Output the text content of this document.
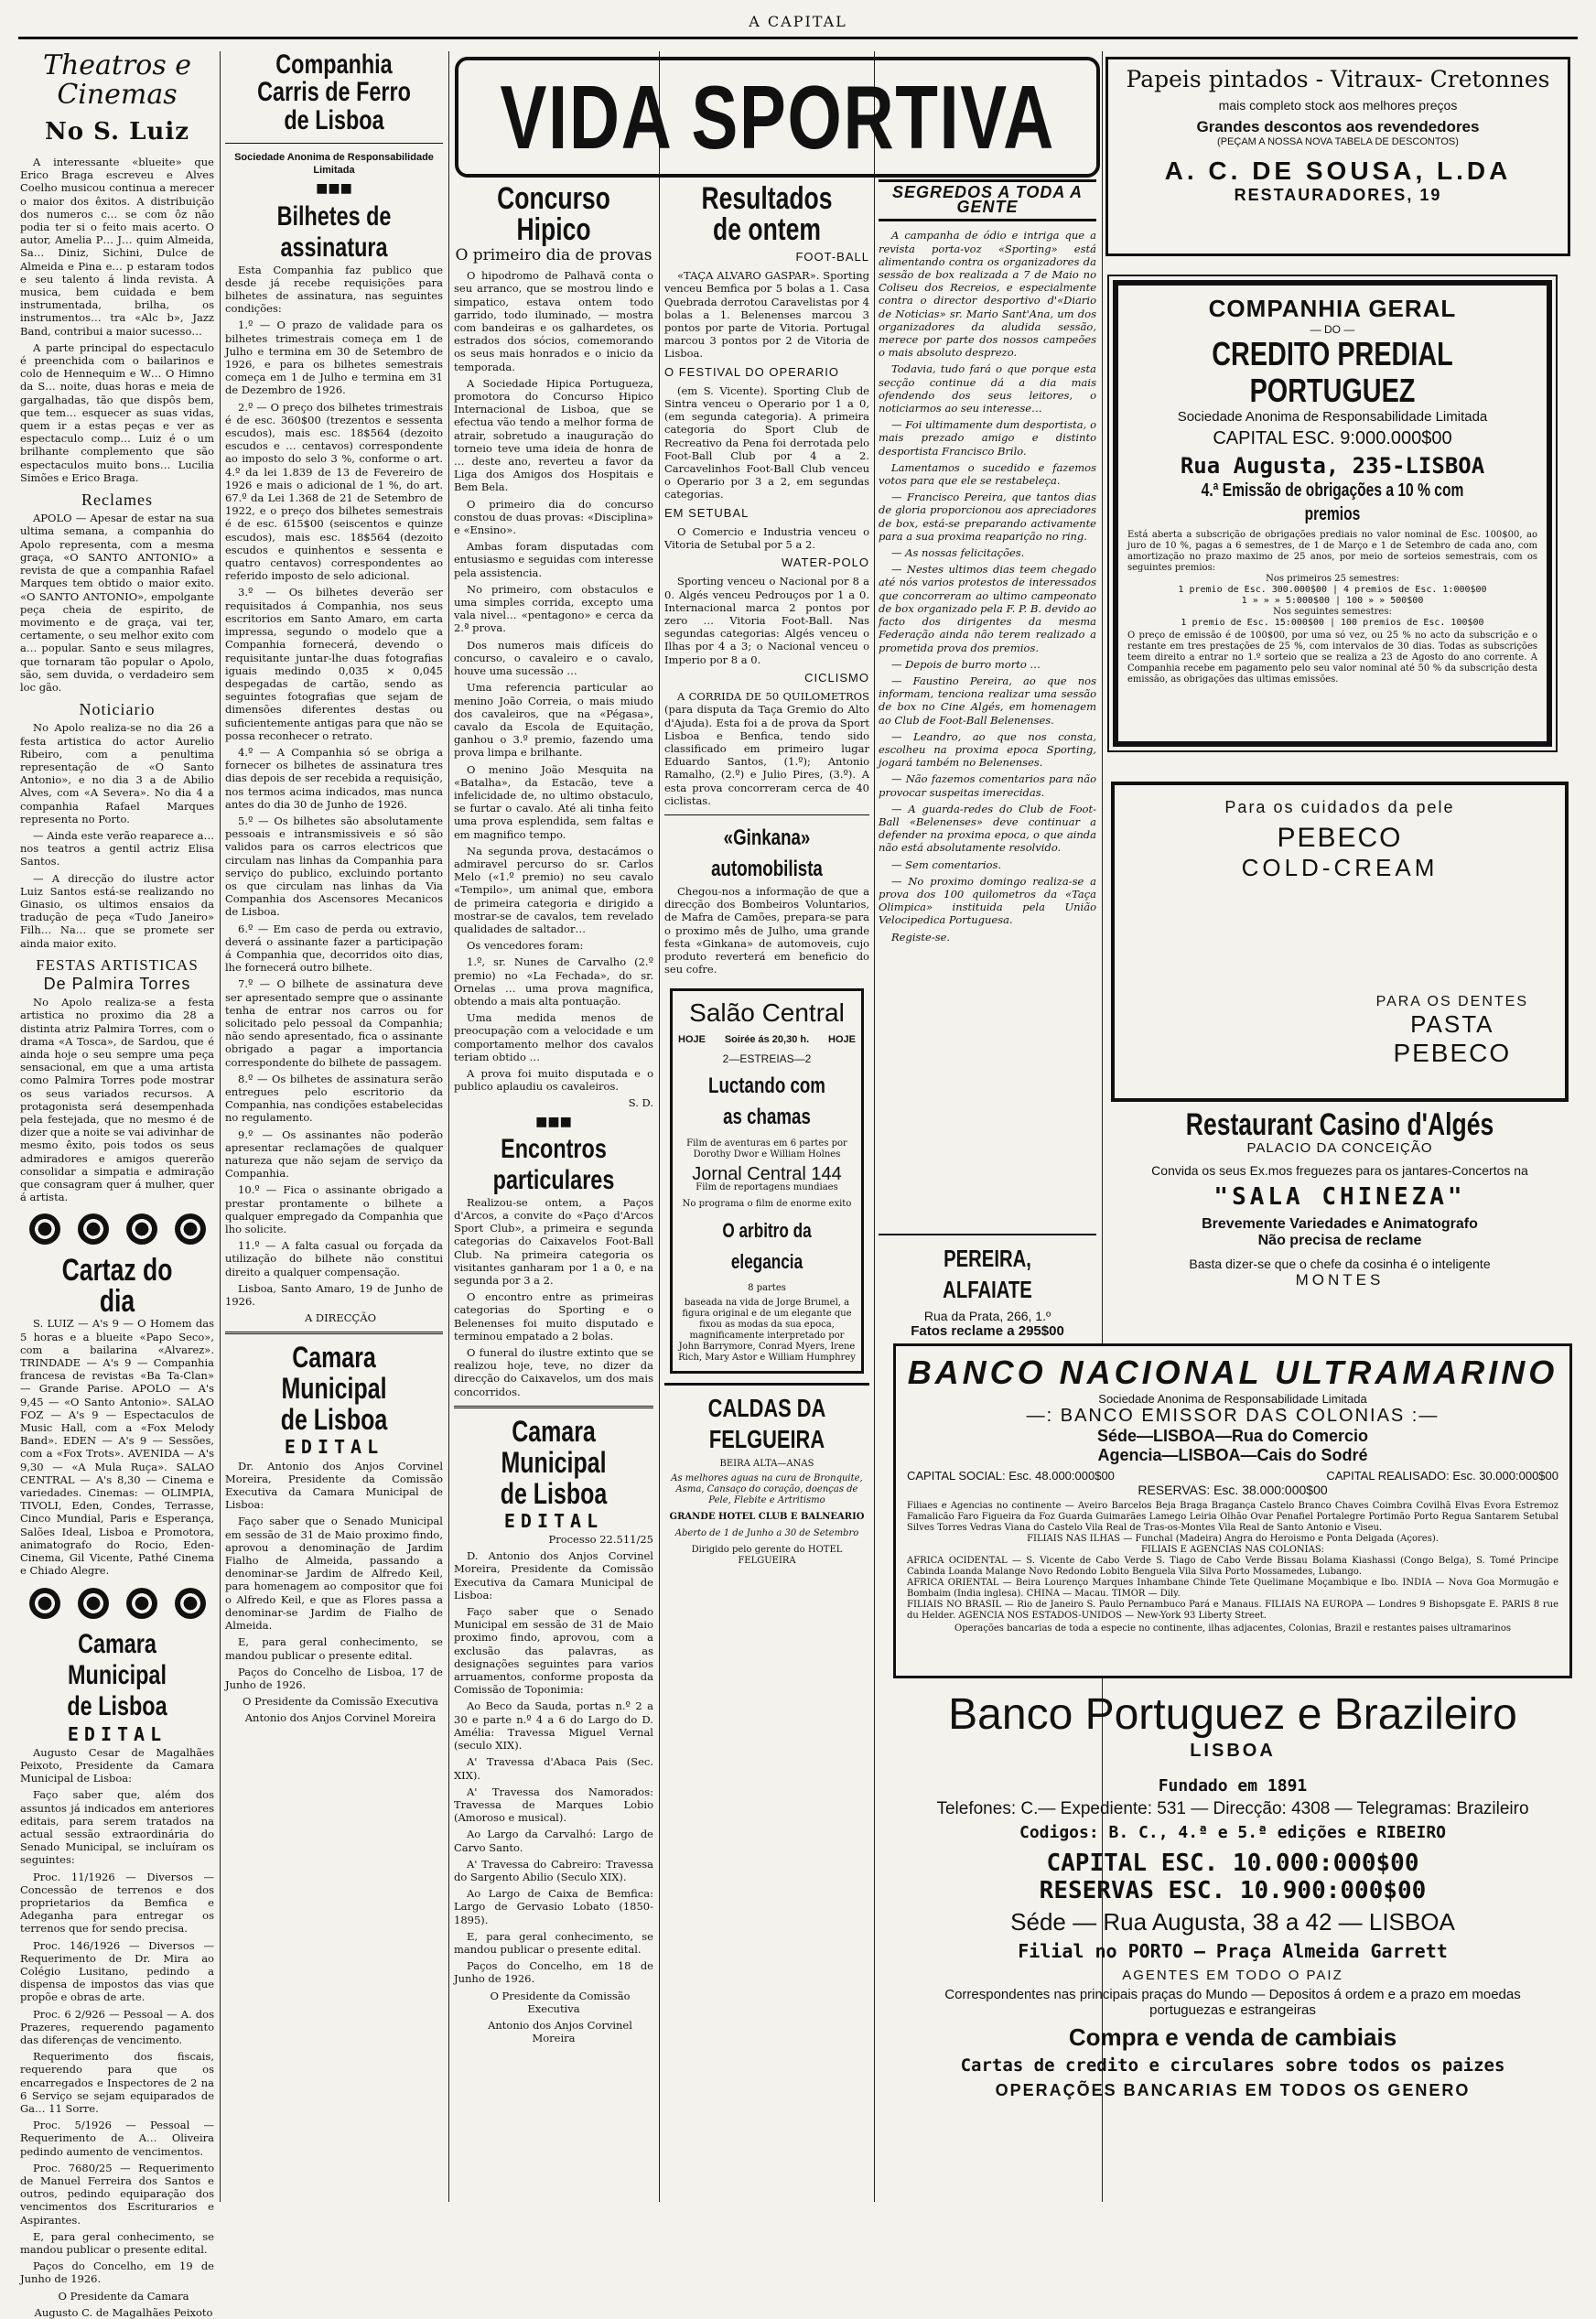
A CAPITAL
Theatros e Cinemas
No S. Luiz

A interessante «blueite» que Erico Braga escreveu e Alves Coelho musicou continua a merecer o maior dos êxitos. A distribuição dos numeros c… se com ôz não podia ter si o feito mais acerto. O autor, Amelia P… J… quim Almeida, Sa… Diniz, Sichini, Dulce de Almeida e Pina e… p estaram todos e seu talento á linda revista. A musica, bem cuidada e bem instrumentada, brilha, os instrumentos… tra «Alc b», Jazz Band, contribui a maior sucesso…

A parte principal do espectaculo é preenchida com o bailarinos e colo de Hennequim e W… O Himno da S… noite, duas horas e meia de gargalhadas, tão que dispôs bem, que tem… esquecer as suas vidas, quem ir a estas peças e ver as espectaculo comp… Luiz é o um brilhante complemento que são espectaculos muito bons… Lucilia Simões e Erico Braga.

Reclames

APOLO — Apesar de estar na sua ultima semana, a companhia do Apolo representa, com a mesma graça, «O SANTO ANTONIO» a revista de que a companhia Rafael Marques tem obtido o maior exito. «O SANTO ANTONIO», empolgante peça cheia de espirito, de movimento e de graça, vai ter, certamente, o seu melhor exito com a… popular. Santo e seus milagres, que tornaram tão popular o Apolo, são, sem duvida, o verdadeiro sem loc gão.

Noticiario

No Apolo realiza-se no dia 26 a festa artistica do actor Aurelio Ribeiro, com a penultima representação de «O Santo Antonio», e no dia 3 a de Abilio Alves, com «A Severa». No dia 4 a companhia Rafael Marques representa no Porto.

— Ainda este verão reaparece a… nos teatros a gentil actriz Elisa Santos.

— A direcção do ilustre actor Luiz Santos está-se realizando no Ginasio, os ultimos ensaios da tradução de peça «Tudo Janeiro» Filh… Na… que se promete ser ainda maior exito.

FESTAS ARTISTICAS
De Palmira Torres

No Apolo realiza-se a festa artistica no proximo dia 28 a distinta atriz Palmira Torres, com o drama «A Tosca», de Sardou, que é ainda hoje o seu sempre uma peça sensacional, em que a uma artista como Palmira Torres pode mostrar os seus variados recursos. A protagonista será desempenhada pela festejada, que no mesmo é de dizer que a noite se vai adivinhar de mesmo êxito, pois todos os seus admiradores e amigos quererão consolidar a simpatia e admiração que consagram quer á mulher, quer á artista.

Cartaz do dia

S. LUIZ — A's 9 — O Homem das 5 horas e a blueite «Papo Seco», com a bailarina «Alvarez». TRINDADE — A's 9 — Companhia francesa de revistas «Ba Ta-Clan» — Grande Parise. APOLO — A's 9,45 — «O Santo Antonio». SALAO FOZ — A's 9 — Espectaculos de Music Hall, com a «Fox Melody Band». EDEN — A's 9 — Sessões, com a «Fox Trots». AVENIDA — A's 9,30 — «A Mula Ruça». SALAO CENTRAL — A's 8,30 — Cinema e variedades. Cinemas: — OLIMPIA, TIVOLI, Eden, Condes, Terrasse, Cinco Mundial, Paris e Esperança, Salões Ideal, Lisboa e Promotora, animatografo do Rocio, Eden-Cinema, Gil Vicente, Pathé Cinema e Chiado Alegre.

Camara Municipal
de Lisboa
EDITAL

Augusto Cesar de Magalhães Peixoto, Presidente da Camara Municipal de Lisboa:

Faço saber que, além dos assuntos já indicados em anteriores editais, para serem tratados na actual sessão extraordinária do Senado Municipal, se incluíram os seguintes:

Proc. 11/1926 — Diversos — Concessão de terrenos e dos proprietarios da Bemfica e Adeganha para entregar os terrenos que for sendo precisa.

Proc. 146/1926 — Diversos — Requerimento de Dr. Mira ao Colégio Lusitano, pedindo a dispensa de impostos das vias que propõe e obras de arte.

Proc. 6 2/926 — Pessoal — A. dos Prazeres, requerendo pagamento das diferenças de vencimento.

Requerimento dos fiscais, requerendo para que os encarregados e Inspectores de 2 na 6 Serviço se sejam equiparados de Ga… 11 Sorre.

Proc. 5/1926 — Pessoal — Requerimento de A… Oliveira pedindo aumento de vencimentos.

Proc. 7680/25 — Requerimento de Manuel Ferreira dos Santos e outros, pedindo equiparação dos vencimentos dos Escriturarios e Aspirantes.

E, para geral conhecimento, se mandou publicar o presente edital.

Paços do Concelho, em 19 de Junho de 1926.

O Presidente da Camara

Augusto C. de Magalhães Peixoto

Companhia Carris de Ferro
de Lisboa
Sociedade Anonima de Responsabilidade Limitada
■■■
Bilhetes de assinatura

Esta Companhia faz publico que desde já recebe requisições para bilhetes de assinatura, nas seguintes condições:

1.º — O prazo de validade para os bilhetes trimestrais começa em 1 de Julho e termina em 30 de Setembro de 1926, e para os bilhetes semestrais começa em 1 de Julho e termina em 31 de Dezembro de 1926.

2.º — O preço dos bilhetes trimestrais é de esc. 360$00 (trezentos e sessenta escudos), mais esc. 18$564 (dezoito escudos e … centavos) correspondente ao imposto do selo 3 %, conforme o art. 4.º da lei 1.839 de 13 de Fevereiro de 1926 e mais o adicional de 1 %, do art. 67.º da Lei 1.368 de 21 de Setembro de 1922, e o preço dos bilhetes semestrais é de esc. 615$00 (seiscentos e quinze escudos), mais esc. 18$564 (dezoito escudos e quinhentos e sessenta e quatro centavos) correspondentes ao referido imposto de selo adicional.

3.º — Os bilhetes deverão ser requisitados á Companhia, nos seus escritorios em Santo Amaro, em carta impressa, segundo o modelo que a Companhia fornecerá, devendo o requisitante juntar-lhe duas fotografias iguais medindo 0,035 × 0,045 despegadas de cartão, sendo as seguintes fotografias que sejam de dimensões diferentes destas ou suficientemente antigas para que não se possa reconhecer o retrato.

4.º — A Companhia só se obriga a fornecer os bilhetes de assinatura tres dias depois de ser recebida a requisição, nos termos acima indicados, mas nunca antes do dia 30 de Junho de 1926.

5.º — Os bilhetes são absolutamente pessoais e intransmissiveis e só são validos para os carros electricos que circulam nas linhas da Companhia para serviço do publico, excluindo portanto os que circulam nas linhas da Via Companhia dos Ascensores Mecanicos de Lisboa.

6.º — Em caso de perda ou extravio, deverá o assinante fazer a participação á Companhia que, decorridos oito dias, lhe fornecerá outro bilhete.

7.º — O bilhete de assinatura deve ser apresentado sempre que o assinante tenha de entrar nos carros ou for solicitado pelo pessoal da Companhia; não sendo apresentado, fica o assinante obrigado a pagar a importancia correspondente do bilhete de passagem.

8.º — Os bilhetes de assinatura serão entregues pelo escritorio da Companhia, nas condições estabelecidas no regulamento.

9.º — Os assinantes não poderão apresentar reclamações de qualquer natureza que não sejam de serviço da Companhia.

10.º — Fica o assinante obrigado a prestar prontamente o bilhete a qualquer empregado da Companhia que lho solicite.

11.º — A falta casual ou forçada da utilização do bilhete não constitui direito a qualquer compensação.

Lisboa, Santo Amaro, 19 de Junho de 1926.

A DIRECÇÃO

Camara Municipal
de Lisboa
EDITAL

Dr. Antonio dos Anjos Corvinel Moreira, Presidente da Comissão Executiva da Camara Municipal de Lisboa:

Faço saber que o Senado Municipal em sessão de 31 de Maio proximo findo, aprovou a denominação de Jardim Fialho de Almeida, passando a denominar-se Jardim de Alfredo Keil, para homenagem ao compositor que foi o Alfredo Keil, e que as Flores passa a denominar-se Jardim de Fialho de Almeida.

E, para geral conhecimento, se mandou publicar o presente edital.

Paços do Concelho de Lisboa, 17 de Junho de 1926.

O Presidente da Comissão Executiva

Antonio dos Anjos Corvinel Moreira

VIDA SPORTIVA
Concurso Hipico
O primeiro dia de provas

O hipodromo de Palhavã conta o seu arranco, que se mostrou lindo e simpatico, estava ontem todo garrido, todo iluminado, — mostra com bandeiras e os galhardetes, os estrados dos sócios, comemorando os seus mais honrados e o inicio da temporada.

A Sociedade Hipica Portugueza, promotora do Concurso Hipico Internacional de Lisboa, que se efectua vão tendo a melhor forma de atrair, sobretudo a inauguração do torneio teve uma ideia de honra de … deste ano, reverteu a favor da Liga dos Amigos dos Hospitais e Bem Bela.

O primeiro dia do concurso constou de duas provas: «Disciplina» e «Ensino».

Ambas foram disputadas com entusiasmo e seguidas com interesse pela assistencia.

No primeiro, com obstaculos e uma simples corrida, excepto uma vala nivel… «pentagono» e cerca da 2.ª prova.

Dos numeros mais difíceis do concurso, o cavaleiro e o cavalo, houve uma sucessão …

Uma referencia particular ao menino João Correia, o mais miudo dos cavaleiros, que na «Pégasa», cavalo da Escola de Equitação, ganhou o 3.º premio, fazendo uma prova limpa e brilhante.

O menino João Mesquita na «Batalha», da Estacão, teve a infelicidade de, no ultimo obstaculo, se furtar o cavalo. Até ali tinha feito uma prova esplendida, sem faltas e em magnifico tempo.

Na segunda prova, destacámos o admiravel percurso do sr. Carlos Melo («1.º premio) no seu cavalo «Tempilo», um animal que, embora de primeira categoria e dirigido a mostrar-se de cavalos, tem revelado qualidades de saltador…

Os vencedores foram:

1.º, sr. Nunes de Carvalho (2.º premio) no «La Fechada», do sr. Ornelas … uma prova magnifica, obtendo a mais alta pontuação.

Uma medida menos de preocupação com a velocidade e um comportamento melhor dos cavalos teriam obtido …

A prova foi muito disputada e o publico aplaudiu os cavaleiros.

S. D.

■■■
Encontros particulares

Realizou-se ontem, a Paços d'Arcos, a convite do «Paço d'Arcos Sport Club», a primeira e segunda categorias do Caixavelos Foot-Ball Club. Na primeira categoria os visitantes ganharam por 1 a 0, e na segunda por 3 a 2.

O encontro entre as primeiras categorias do Sporting e o Belenenses foi muito disputado e terminou empatado a 2 bolas.

O funeral do ilustre extinto que se realizou hoje, teve, no dizer da direcção do Caixavelos, um dos mais concorridos.

Camara Municipal
de Lisboa
EDITAL

Processo 22.511/25

D. Antonio dos Anjos Corvinel Moreira, Presidente da Comissão Executiva da Camara Municipal de Lisboa:

Faço saber que o Senado Municipal em sessão de 31 de Maio proximo findo, aprovou, com a exclusão das palavras, as designações seguintes para varios arruamentos, conforme proposta da Comissão de Toponimia:

Ao Beco da Sauda, portas n.º 2 a 30 e parte n.º 4 a 6 do Largo do D. Amélia: Travessa Miguel Vernal (seculo XIX).

A' Travessa d'Abaca Pais (Sec. XIX).

A' Travessa dos Namorados: Travessa de Marques Lobio (Amoroso e musical).

Ao Largo da Carvalhó: Largo de Carvo Santo.

A' Travessa do Cabreiro: Travessa do Sargento Abilio (Seculo XIX).

Ao Largo de Caixa de Bemfica: Largo de Gervasio Lobato (1850-1895).

E, para geral conhecimento, se mandou publicar o presente edital.

Paços do Concelho, em 18 de Junho de 1926.

O Presidente da Comissão Executiva

Antonio dos Anjos Corvinel Moreira

Resultados de ontem
FOOT-BALL

«TAÇA ALVARO GASPAR». Sporting venceu Bemfica por 5 bolas a 1. Casa Quebrada derrotou Caravelistas por 4 bolas a 1. Belenenses marcou 3 pontos por parte de Vitoria. Portugal marcou 3 pontos por 2 de Vitoria de Lisboa.

O FESTIVAL DO OPERARIO

(em S. Vicente). Sporting Club de Sintra venceu o Operario por 1 a 0, (em segunda categoria). A primeira categoria do Sport Club de Recreativo da Pena foi derrotada pelo Foot-Ball Club por 4 a 2. Carcavelinhos Foot-Ball Club venceu o Operario por 3 a 2, em segundas categorias.

EM SETUBAL

O Comercio e Industria venceu o Vitoria de Setubal por 5 a 2.

WATER-POLO

Sporting venceu o Nacional por 8 a 0. Algés venceu Pedrouços por 1 a 0. Internacional marca 2 pontos por zero … Vitoria Foot-Ball. Nas segundas categorias: Algés venceu o Ilhas por 4 a 3; o Nacional venceu o Imperio por 8 a 0.

CICLISMO

A CORRIDA DE 50 QUILOMETROS (para disputa da Taça Gremio do Alto d'Ajuda). Esta foi a de prova da Sport Lisboa e Benfica, tendo sido classificado em primeiro lugar Eduardo Santos, (1.º); Antonio Ramalho, (2.º) e Julio Pires, (3.º). A esta prova concorreram cerca de 40 ciclistas.

«Ginkana» automobilista

Chegou-nos a informação de que a direcção dos Bombeiros Voluntarios, de Mafra de Camões, prepara-se para o proximo mês de Julho, uma grande festa «Ginkana» de automoveis, cujo produto reverterá em beneficio do seu cofre.

Salão Central
HOJE Soirée ás 20,30 h. HOJE
2—ESTREIAS—2
Luctando com as chamas
Film de aventuras em 6 partes por Dorothy Dwor e William Holnes
Jornal Central 144
Film de reportagens mundiaes
No programa o film de enorme exito
O arbitro da elegancia
8 partes
baseada na vida de Jorge Brumel, a figura original e de um elegante que fixou as modas da sua epoca, magnificamente interpretado por John Barrymore, Conrad Myers, Irene Rich, Mary Astor e William Humphrey
CALDAS DA FELGUEIRA
BEIRA ALTA—ANAS
As melhores aguas na cura de Bronquite, Asma, Cansaço do coração, doenças de Pele, Flebite e Artritismo
GRANDE HOTEL CLUB E BALNEARIO
Aberto de 1 de Junho a 30 de Setembro
Dirigido pelo gerente do HOTEL FELGUEIRA
SEGREDOS A TODA A GENTE

A campanha de ódio e intriga que a revista porta-voz «Sporting» está alimentando contra os organizadores da sessão de box realizada a 7 de Maio no Coliseu dos Recreios, e especialmente contra o director desportivo d'«Diario de Noticias» sr. Mario Sant'Ana, um dos organizadores da aludida sessão, merece por parte dos nossos campeões o mais absoluto desprezo.

Todavia, tudo fará o que porque esta secção continue dá a dia mais ofendendo dos seus leitores, o noticiarmos ao seu interesse…

— Foi ultimamente dum desportista, o mais prezado amigo e distinto desportista Francisco Brilo.

Lamentamos o sucedido e fazemos votos para que ele se restabeleça.

— Francisco Pereira, que tantos dias de gloria proporcionou aos apreciadores de box, está-se preparando activamente para a sua proxima reaparição no ring.

— As nossas felicitações.

— Nestes ultimos dias teem chegado até nós varios protestos de interessados que concorreram ao ultimo campeonato de box organizado pela F. P. B. devido ao facto dos dirigentes da mesma Federação ainda não terem realizado a prometida prova dos premios.

— Depois de burro morto …

— Faustino Pereira, ao que nos informam, tenciona realizar uma sessão de box no Cine Algés, em homenagem ao Club de Foot-Ball Belenenses.

— Leandro, ao que nos consta, escolheu na proxima epoca Sporting, jogará também no Belenenses.

— Não fazemos comentarios para não provocar suspeitas imerecidas.

— A guarda-redes do Club de Foot-Ball «Belenenses» deve continuar a defender na proxima epoca, o que ainda não está absolutamente resolvido.

— Sem comentarios.

— No proximo domingo realiza-se a prova dos 100 quilometros da «Taça Olimpica» instituida pela União Velocipedica Portuguesa.

Registe-se.

PEREIRA, ALFAIATE
Rua da Prata, 266, 1.º
Fatos reclame a 295$00
Papeis pintados - Vitraux- Cretonnes
mais completo stock aos melhores preços
Grandes descontos aos revendedores
(PEÇAM A NOSSA NOVA TABELA DE DESCONTOS)
A. C. DE SOUSA, L.DA
RESTAURADORES, 19
COMPANHIA GERAL
— DO —
CREDITO PREDIAL PORTUGUEZ
Sociedade Anonima de Responsabilidade Limitada
CAPITAL ESC. 9:000.000$00
Rua Augusta, 235-LISBOA
4.ª Emissão de obrigações a 10 % com premios
Está aberta a subscrição de obrigações prediais no valor nominal de Esc. 100$00, ao juro de 10 %, pagas a 6 semestres, de 1 de Março e 1 de Setembro de cada ano, com amortização no prazo maximo de 25 anos, por meio de sorteios semestrais, com os seguintes premios:
Nos primeiros 25 semestres:
1 premio de Esc. 300.000$00 | 4 premios de Esc. 1:000$00
1 » » » 5:000$00 | 100 » » 500$00
Nos seguintes semestres:
1 premio de Esc. 15:000$00 | 100 premios de Esc. 100$00
O preço de emissão é de 100$00, por uma só vez, ou 25 % no acto da subscrição e o restante em tres prestações de 25 %, com intervalos de 30 dias. Todas as subscrições teem direito a entrar no 1.º sorteio que se realiza a 23 de Agosto do ano corrente. A Companhia recebe em pagamento pelo seu valor nominal até 50 % da subscrição desta emissão, as obrigações das ultimas emissões.
Para os cuidados da pele
PEBECO
COLD-CREAM
PARA OS DENTES
PASTA
PEBECO
Restaurant Casino d'Algés
PALACIO DA CONCEIÇÃO
Convida os seus Ex.mos freguezes para os jantares-Concertos na
"SALA CHINEZA"
Brevemente Variedades e Animatografo
Não precisa de reclame
Basta dizer-se que o chefe da cosinha é o inteligente
MONTES
BANCO NACIONAL ULTRAMARINO
Sociedade Anonima de Responsabilidade Limitada
—: BANCO EMISSOR DAS COLONIAS :—
Séde—LISBOA—Rua do Comercio
Agencia—LISBOA—Cais do Sodré
CAPITAL SOCIAL: Esc. 48.000:000$00	CAPITAL REALISADO: Esc. 30.000:000$00
RESERVAS: Esc. 38.000:000$00
Filiaes e Agencias no continente — Aveiro Barcelos Beja Braga Bragança Castelo Branco Chaves Coimbra Covilhã Elvas Evora Estremoz Famalicão Faro Figueira da Foz Guarda Guimarães Lamego Leiria Olhão Ovar Penafiel Portalegre Portimão Porto Regua Santarem Setubal Silves Torres Vedras Viana do Castelo Vila Real de Tras-os-Montes Vila Real de Santo Antonio e Viseu.
FILIAIS NAS ILHAS — Funchal (Madeira) Angra do Heroismo e Ponta Delgada (Açores).
FILIAIS E AGENCIAS NAS COLONIAS:
AFRICA OCIDENTAL — S. Vicente de Cabo Verde S. Tiago de Cabo Verde Bissau Bolama Kiashassi (Congo Belga), S. Tomé Principe Cabinda Loanda Malange Novo Redondo Lobito Benguela Vila Silva Porto Mossamedes, Lubango.
AFRICA ORIENTAL — Beira Lourenço Marques Inhambane Chinde Tete Quelimane Moçambique e Ibo. INDIA — Nova Goa Mormugão e Bombaim (India inglesa). CHINA — Macau. TIMOR — Dily.
FILIAIS NO BRASIL — Rio de Janeiro S. Paulo Pernambuco Pará e Manaus. FILIAIS NA EUROPA — Londres 9 Bishopsgate E. PARIS 8 rue du Helder. AGENCIA NOS ESTADOS-UNIDOS — New-York 93 Liberty Street.
Operações bancarias de toda a especie no continente, ilhas adjacentes, Colonias, Brazil e restantes paises ultramarinos
Banco Portuguez e Brazileiro
LISBOA
Fundado em 1891
Telefones: C.— Expediente: 531 — Direcção: 4308 — Telegramas: Brazileiro
Codigos: B. C., 4.ª e 5.ª edições e RIBEIRO
CAPITAL ESC. 10.000:000$00
RESERVAS ESC. 10.900:000$00
Séde — Rua Augusta, 38 a 42 — LISBOA
Filial no PORTO — Praça Almeida Garrett
AGENTES EM TODO O PAIZ
Correspondentes nas principais praças do Mundo — Depositos á ordem e a prazo em moedas portuguezas e estrangeiras
Compra e venda de cambiais
Cartas de credito e circulares sobre todos os paizes
OPERAÇÕES BANCARIAS EM TODOS OS GENERO
